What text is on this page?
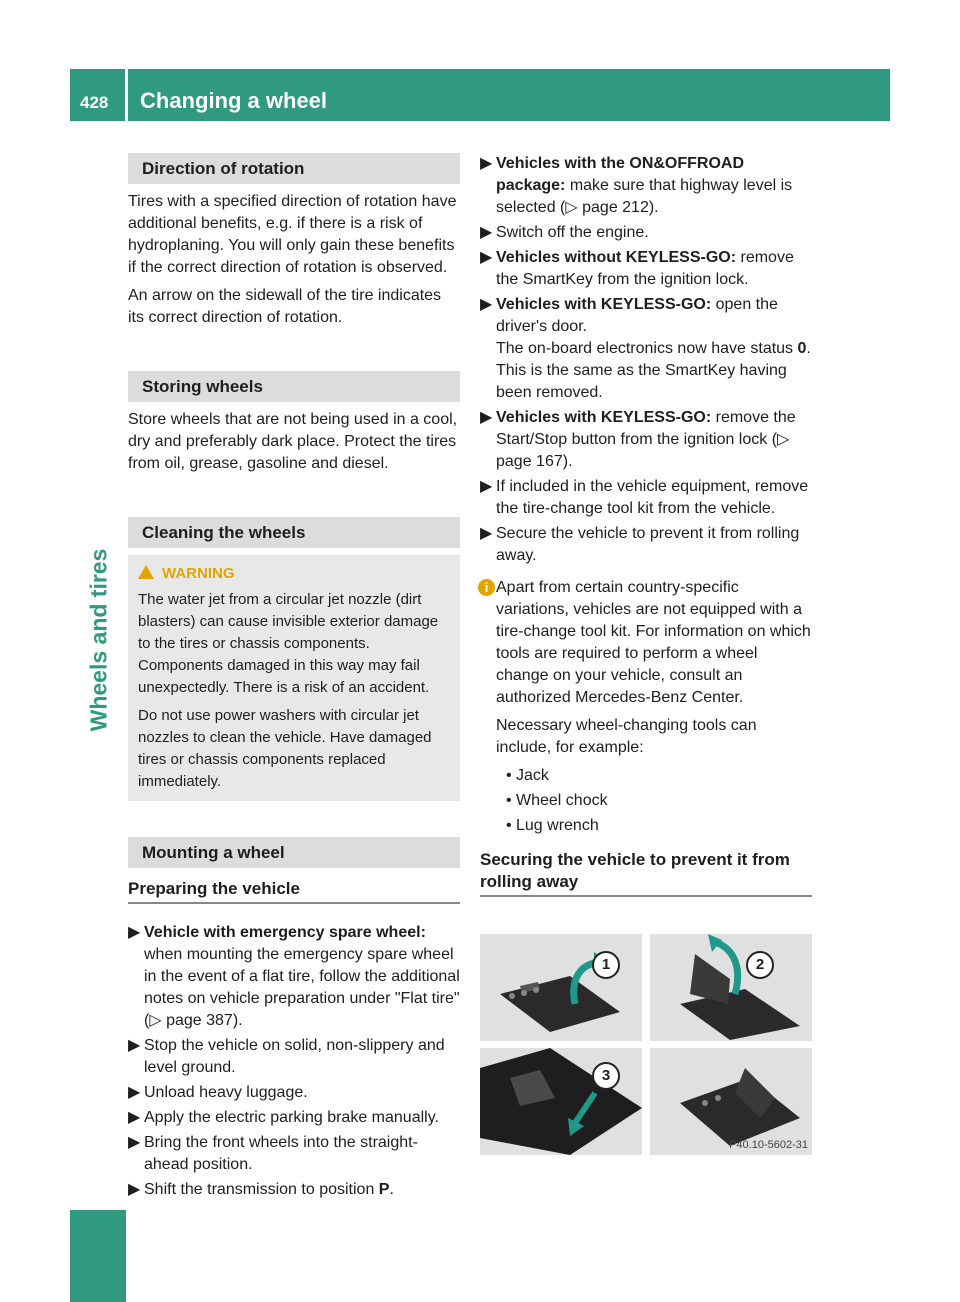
428 Changing a wheel
Wheels and tires
Direction of rotation

Tires with a specified direction of rotation have additional benefits, e.g. if there is a risk of hydroplaning. You will only gain these benefits if the correct direction of rotation is observed.

An arrow on the sidewall of the tire indicates its correct direction of rotation.

Storing wheels

Store wheels that are not being used in a cool, dry and preferably dark place. Protect the tires from oil, grease, gasoline and diesel.

Cleaning the wheels
WARNING

The water jet from a circular jet nozzle (dirt blasters) can cause invisible exterior damage to the tires or chassis components. Components damaged in this way may fail unexpectedly. There is a risk of an accident.

Do not use power washers with circular jet nozzles to clean the vehicle. Have damaged tires or chassis components replaced immediately.

Mounting a wheel
Preparing the vehicle
▶ Vehicle with emergency spare wheel: when mounting the emergency spare wheel in the event of a flat tire, follow the additional notes on vehicle preparation under "Flat tire" (▷ page 387).
▶ Stop the vehicle on solid, non-slippery and level ground.
▶ Unload heavy luggage.
▶ Apply the electric parking brake manually.
▶ Bring the front wheels into the straight-ahead position.
▶ Shift the transmission to position P.
▶ Vehicles with the ON&OFFROAD package: make sure that highway level is selected (▷ page 212).
▶ Switch off the engine.
▶ Vehicles without KEYLESS-GO: remove the SmartKey from the ignition lock.
▶ Vehicles with KEYLESS-GO: open the driver's door.
The on-board electronics now have status 0. This is the same as the SmartKey having been removed.
▶ Vehicles with KEYLESS-GO: remove the Start/Stop button from the ignition lock (▷ page 167).
▶ If included in the vehicle equipment, remove the tire-change tool kit from the vehicle.
▶ Secure the vehicle to prevent it from rolling away.
i Apart from certain country-specific variations, vehicles are not equipped with a tire-change tool kit. For information on which tools are required to perform a wheel change on your vehicle, consult an authorized Mercedes-Benz Center.

Necessary wheel-changing tools can include, for example:

• Jack
• Wheel chock
• Lug wrench
Securing the vehicle to prevent it from rolling away
1	2
3
P40.10-5602-31
